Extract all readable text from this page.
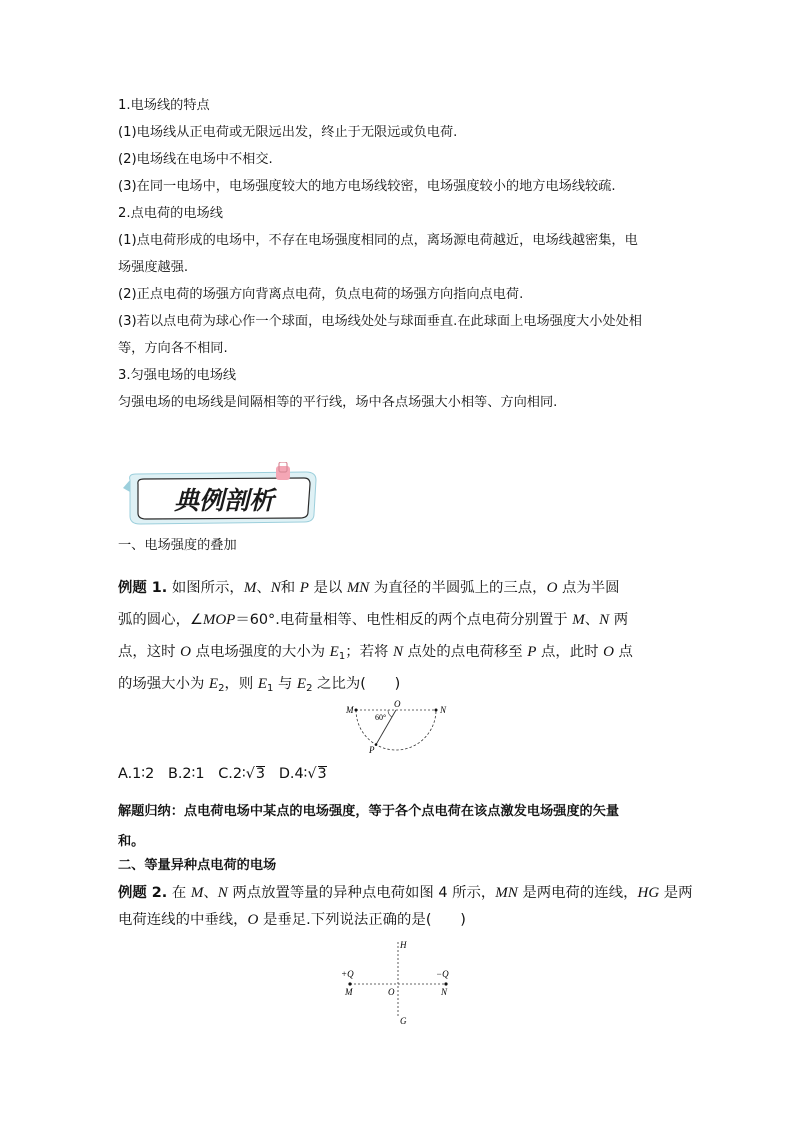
1.电场线的特点
(1)电场线从正电荷或无限远出发，终止于无限远或负电荷.
(2)电场线在电场中不相交.
(3)在同一电场中，电场强度较大的地方电场线较密，电场强度较小的地方电场线较疏.
2.点电荷的电场线
(1)点电荷形成的电场中，不存在电场强度相同的点，离场源电荷越近，电场线越密集，电
场强度越强.
(2)正点电荷的场强方向背离点电荷，负点电荷的场强方向指向点电荷.
(3)若以点电荷为球心作一个球面，电场线处处与球面垂直.在此球面上电场强度大小处处相
等，方向各不相同.
3.匀强电场的电场线
匀强电场的电场线是间隔相等的平行线，场中各点场强大小相等、方向相同.
典例剖析
一、电场强度的叠加
例题 1. 如图所示，M、N和 P 是以 MN 为直径的半圆弧上的三点，O 点为半圆
弧的圆心，∠MOP＝60°.电荷量相等、电性相反的两个点电荷分别置于 M、N 两
点，这时 O 点电场强度的大小为 $E_1$；若将 N 点处的点电荷移至 P 点，此时 O 点
的场强大小为 $E_2$，则 $E_1$ 与 $E_2$ 之比为(　　)
M
O
N
P
60°
A.1∶2 B.2∶1 C.2∶√3 D.4∶√3
解题归纳：点电荷电场中某点的电场强度，等于各个点电荷在该点激发电场强度的矢量
和。
二、等量异种点电荷的电场
例题 2. 在 M、N 两点放置等量的异种点电荷如图 4 所示，MN 是两电荷的连线，HG 是两
电荷连线的中垂线，O 是垂足.下列说法正确的是(　　)
H
G
+Q	−Q
M	N
O
